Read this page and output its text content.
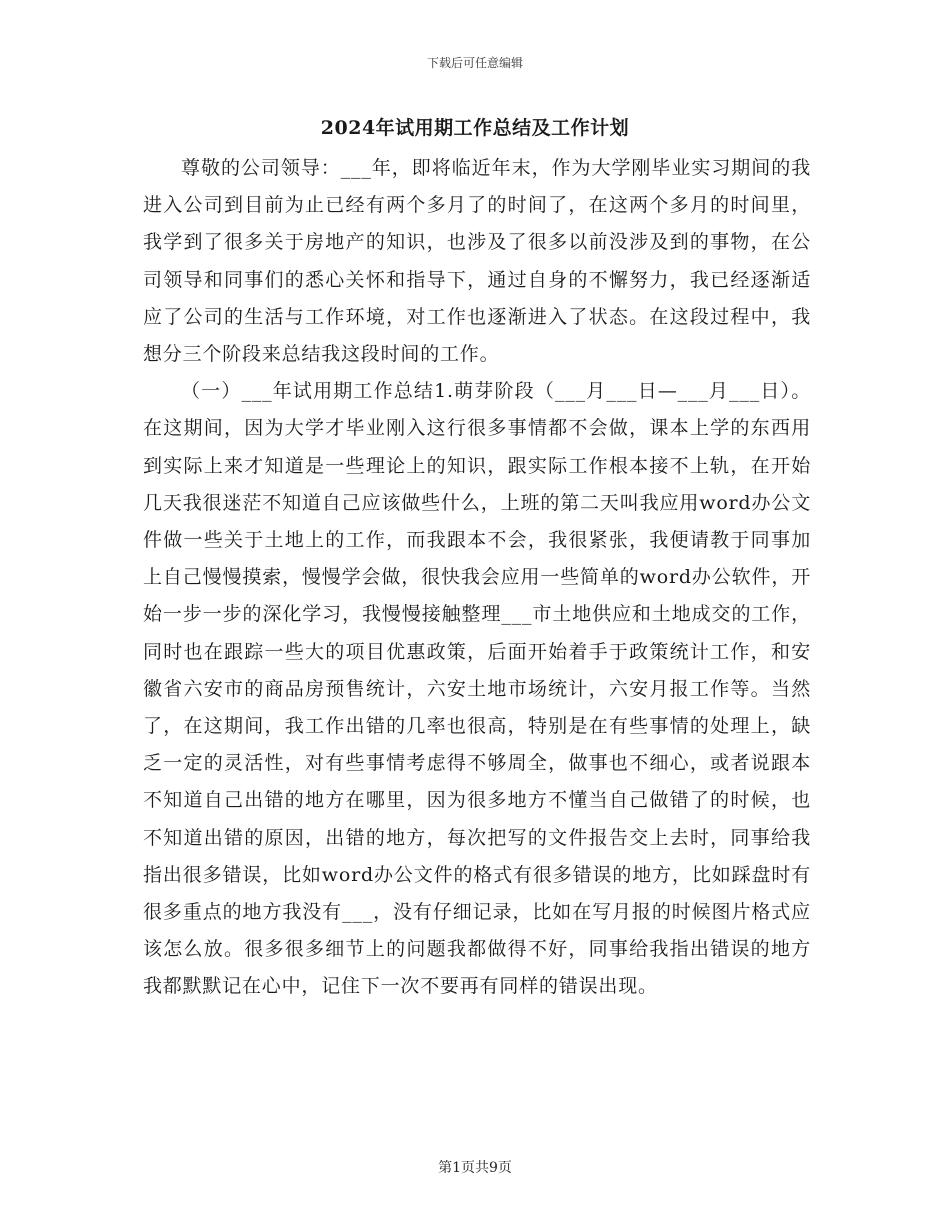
下载后可任意编辑
2024年试用期工作总结及工作计划

尊敬的公司领导：___年，即将临近年末，作为大学刚毕业实习期间的我进入公司到目前为止已经有两个多月了的时间了，在这两个多月的时间里，我学到了很多关于房地产的知识，也涉及了很多以前没涉及到的事物，在公司领导和同事们的悉心关怀和指导下，通过自身的不懈努力，我已经逐渐适应了公司的生活与工作环境，对工作也逐渐进入了状态。在这段过程中，我想分三个阶段来总结我这段时间的工作。

（一）___年试用期工作总结1.萌芽阶段（___月___日—___月___日）。在这期间，因为大学才毕业刚入这行很多事情都不会做，课本上学的东西用到实际上来才知道是一些理论上的知识，跟实际工作根本接不上轨，在开始几天我很迷茫不知道自己应该做些什么，上班的第二天叫我应用word办公文件做一些关于土地上的工作，而我跟本不会，我很紧张，我便请教于同事加上自己慢慢摸索，慢慢学会做，很快我会应用一些简单的word办公软件，开始一步一步的深化学习，我慢慢接触整理___市土地供应和土地成交的工作，同时也在跟踪一些大的项目优惠政策，后面开始着手于政策统计工作，和安徽省六安市的商品房预售统计，六安土地市场统计，六安月报工作等。当然了，在这期间，我工作出错的几率也很高，特别是在有些事情的处理上，缺乏一定的灵活性，对有些事情考虑得不够周全，做事也不细心，或者说跟本不知道自己出错的地方在哪里，因为很多地方不懂当自己做错了的时候，也不知道出错的原因，出错的地方，每次把写的文件报告交上去时，同事给我指出很多错误，比如word办公文件的格式有很多错误的地方，比如踩盘时有很多重点的地方我没有___，没有仔细记录，比如在写月报的时候图片格式应该怎么放。很多很多细节上的问题我都做得不好，同事给我指出错误的地方我都默默记在心中，记住下一次不要再有同样的错误出现。

第1页共9页
